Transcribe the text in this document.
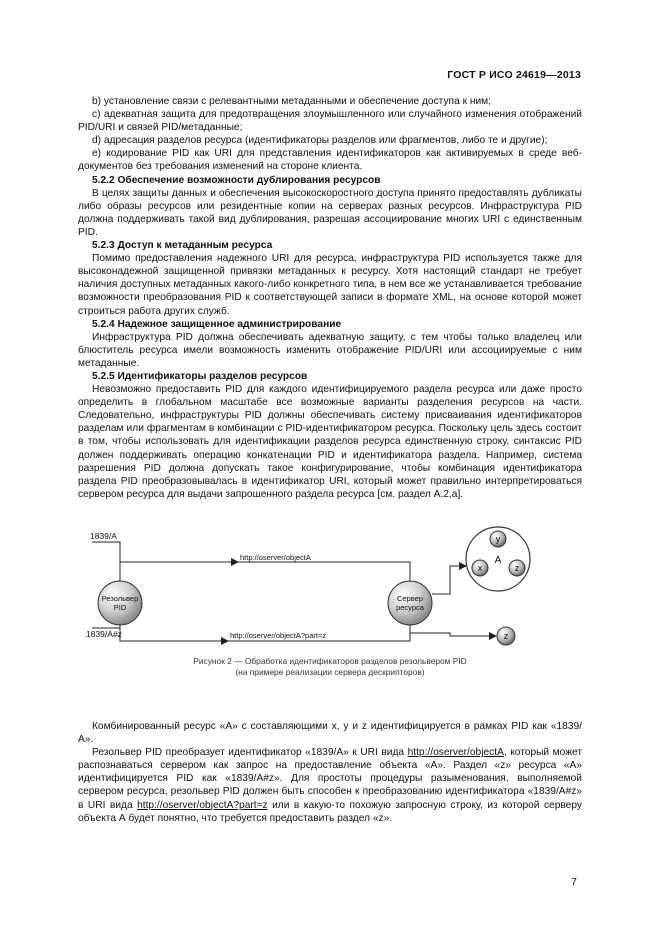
ГОСТ Р ИСО 24619—2013

b) установление связи с релевантными метаданными и обеспечение доступа к ним;

с) адекватная защита для предотвращения злоумышленного или случайного изменения отображений PID/URI и связей PID/метаданные;

d) адресация разделов ресурса (идентификаторы разделов или фрагментов, либо те и другие);

е) кодирование PID как URI для представления идентификаторов как активируемых в среде веб-документов без требования изменений на стороне клиента.

5.2.2 Обеспечение возможности дублирования ресурсов

В целях защиты данных и обеспечения высокоскоростного доступа принято предоставлять дубликаты либо образы ресурсов или резидентные копии на серверах разных ресурсов. Инфраструктура PID должна поддерживать такой вид дублирования, разрешая ассоциирование многих URI с единственным PID.

5.2.3 Доступ к метаданным ресурса

Помимо предоставления надежного URI для ресурса, инфраструктура PID используется также для высоконадежной защищенной привязки метаданных к ресурсу. Хотя настоящий стандарт не требует наличия доступных метаданных какого-либо конкретного типа, в нем все же устанавливается требование возможности преобразования PID к соответствующей записи в формате XML, на основе которой может строиться работа других служб.

5.2.4 Надежное защищенное администрирование

Инфраструктура PID должна обеспечивать адекватную защиту, с тем чтобы только владелец или блюститель ресурса имели возможность изменить отображение PID/URI или ассоциируемые с ним метаданные.

5.2.5 Идентификаторы разделов ресурсов

Невозможно предоставить PID для каждого идентифицируемого раздела ресурса или даже просто определить в глобальном масштабе все возможные варианты разделения ресурсов на части. Следовательно, инфраструктуры PID должны обеспечивать систему присваивания идентификаторов разделам или фрагментам в комбинации с PID-идентификатором ресурса. Поскольку цель здесь состоит в том, чтобы использовать для идентификации разделов ресурса единственную строку, синтаксис PID должен поддерживать операцию конкатенации PID и идентификатора раздела. Например, система разрешения PID должна допускать такое конфигурирование, чтобы комбинация идентификатора раздела PID преобразовывалась в идентификатор URI, который может правильно интерпретироваться сервером ресурса для выдачи запрошенного раздела ресурса [см. раздел А.2,а].

1839/A
1839/A#z
Резольвер
PID
http://oserver/objectA
http://oserver/objectA?part=z
Сервер
ресурса
A
y
x	z
z
Рисунок 2 — Обработка идентификаторов разделов резольвером PID
(на примере реализации сервера дескрипторов)

Комбинированный ресурс «А» с составляющими х, у и z идентифицируется в рамках PID как «1839/А».

Резольвер PID преобразует идентификатор «1839/А» к URI вида http://oserver/objectA, который может распознаваться сервером как запрос на предоставление объекта «А». Раздел «z» ресурса «А» идентифицируется PID как «1839/А#z». Для простоты процедуры разыменования, выполняемой сервером ресурса, резольвер PID должен быть способен к преобразованию идентификатора «1839/А#z» в URI вида http://oserver/objectA?part=z или в какую-то похожую запросную строку, из которой серверу объекта А будет понятно, что требуется предоставить раздел «z».

7
